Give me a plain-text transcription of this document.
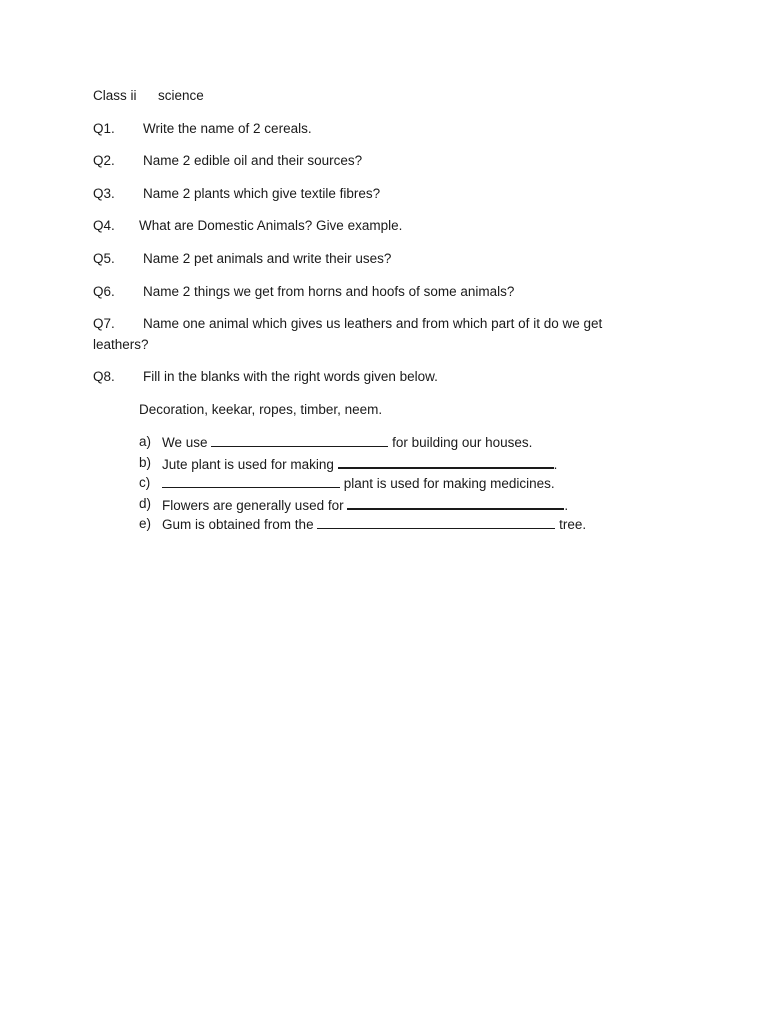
Class ii science
Q1. Write the name of 2 cereals.
Q2. Name 2 edible oil and their sources?
Q3. Name 2 plants which give textile fibres?
Q4. What are Domestic Animals? Give example.
Q5. Name 2 pet animals and write their uses?
Q6. Name 2 things we get from horns and hoofs of some animals?
Q7. Name one animal which gives us leathers and from which part of it do we get
leathers?
Q8. Fill in the blanks with the right words given below.
Decoration, keekar, ropes, timber, neem.
a) We use	for building our houses.
b) Jute plant is used for making	.
c)	plant is used for making medicines.
d) Flowers are generally used for	.
e) Gum is obtained from the	tree.
